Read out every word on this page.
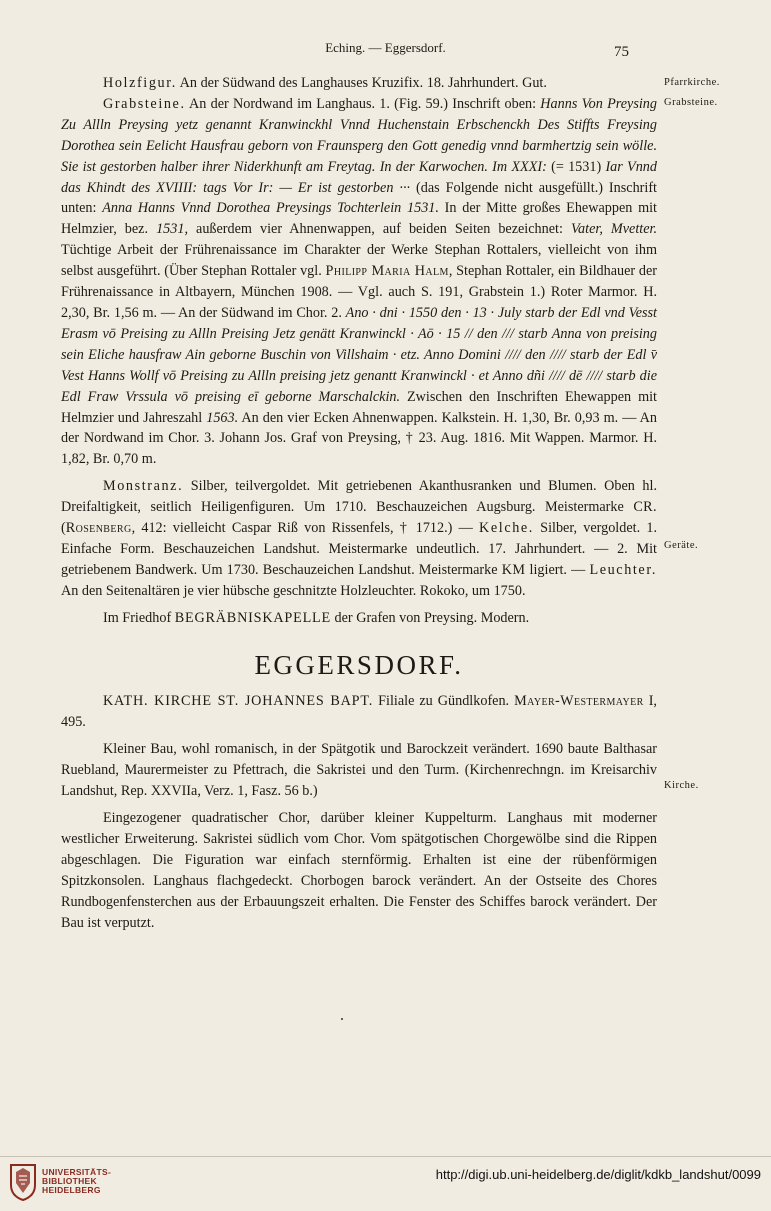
Eching. — Eggersdorf.	75
Pfarrkirche.
Grabsteine.
Geräte.
Kirche.

Holzfigur. An der Südwand des Langhauses Kruzifix. 18. Jahrhundert. Gut.

Grabsteine. An der Nordwand im Langhaus. 1. (Fig. 59.) Inschrift oben: Hanns Von Preysing Zu Allln Preysing yetz genannt Kranwinckhl Vnnd Huchenstain Erbschenckh Des Stiffts Freysing Dorothea sein Eelicht Hausfrau geborn von Fraunsperg den Gott genedig vnnd barmhertzig sein wölle. Sie ist gestorben halber ihrer Niderkhunft am Freytag. In der Karwochen. Im XXXI: (= 1531) Iar Vnnd das Khindt des XVIIII: tags Vor Ir: — Er ist gestorben ··· (das Folgende nicht ausgefüllt.) Inschrift unten: Anna Hanns Vnnd Dorothea Preysings Tochterlein 1531. In der Mitte großes Ehewappen mit Helmzier, bez. 1531, außerdem vier Ahnenwappen, auf beiden Seiten bezeichnet: Vater, Mvetter. Tüchtige Arbeit der Frührenaissance im Charakter der Werke Stephan Rottalers, vielleicht von ihm selbst ausgeführt. (Über Stephan Rottaler vgl. Philipp Maria Halm, Stephan Rottaler, ein Bildhauer der Frührenaissance in Altbayern, München 1908. — Vgl. auch S. 191, Grabstein 1.) Roter Marmor. H. 2,30, Br. 1,56 m. — An der Südwand im Chor. 2. Ano · dni · 1550 den · 13 · July starb der Edl vnd Vesst Erasm vō Preising zu Allln Preising Jetz genätt Kranwinckl · Aō · 15 // den /// starb Anna von preising sein Eliche hausfraw Ain geborne Buschin von Villshaim · etz. Anno Domini //// den //// starb der Edl v̄ Vest Hanns Wollf vō Preising zu Allln preising jetz genantt Kranwinckl · et Anno dñi //// dē //// starb die Edl Fraw Vrssula vō preising eī geborne Marschalckin. Zwischen den Inschriften Ehewappen mit Helmzier und Jahreszahl 1563. An den vier Ecken Ahnenwappen. Kalkstein. H. 1,30, Br. 0,93 m. — An der Nordwand im Chor. 3. Johann Jos. Graf von Preysing, † 23. Aug. 1816. Mit Wappen. Marmor. H. 1,82, Br. 0,70 m.

Monstranz. Silber, teilvergoldet. Mit getriebenen Akanthusranken und Blumen. Oben hl. Dreifaltigkeit, seitlich Heiligenfiguren. Um 1710. Beschauzeichen Augsburg. Meistermarke CR. (Rosenberg, 412: vielleicht Caspar Riß von Rissenfels, † 1712.) — Kelche. Silber, vergoldet. 1. Einfache Form. Beschauzeichen Landshut. Meistermarke undeutlich. 17. Jahrhundert. — 2. Mit getriebenem Bandwerk. Um 1730. Beschauzeichen Landshut. Meistermarke KM ligiert. — Leuchter. An den Seitenaltären je vier hübsche geschnitzte Holzleuchter. Rokoko, um 1750.

Im Friedhof BEGRÄBNISKAPELLE der Grafen von Preysing. Modern.

EGGERSDORF.

KATH. KIRCHE ST. JOHANNES BAPT. Filiale zu Gündlkofen. Mayer-Westermayer I, 495.

Kleiner Bau, wohl romanisch, in der Spätgotik und Barockzeit verändert. 1690 baute Balthasar Ruebland, Maurermeister zu Pfettrach, die Sakristei und den Turm. (Kirchenrechngn. im Kreisarchiv Landshut, Rep. XXVIIa, Verz. 1, Fasz. 56 b.)

Eingezogener quadratischer Chor, darüber kleiner Kuppelturm. Langhaus mit moderner westlicher Erweiterung. Sakristei südlich vom Chor. Vom spätgotischen Chorgewölbe sind die Rippen abgeschlagen. Die Figuration war einfach sternförmig. Erhalten ist eine der rübenförmigen Spitzkonsolen. Langhaus flachgedeckt. Chorbogen barock verändert. An der Ostseite des Chores Rundbogenfensterchen aus der Erbauungszeit erhalten. Die Fenster des Schiffes barock verändert. Der Bau ist verputzt.

UNIVERSITÄTS-
BIBLIOTHEK
HEIDELBERG
http://digi.ub.uni-heidelberg.de/diglit/kdkb_landshut/0099
